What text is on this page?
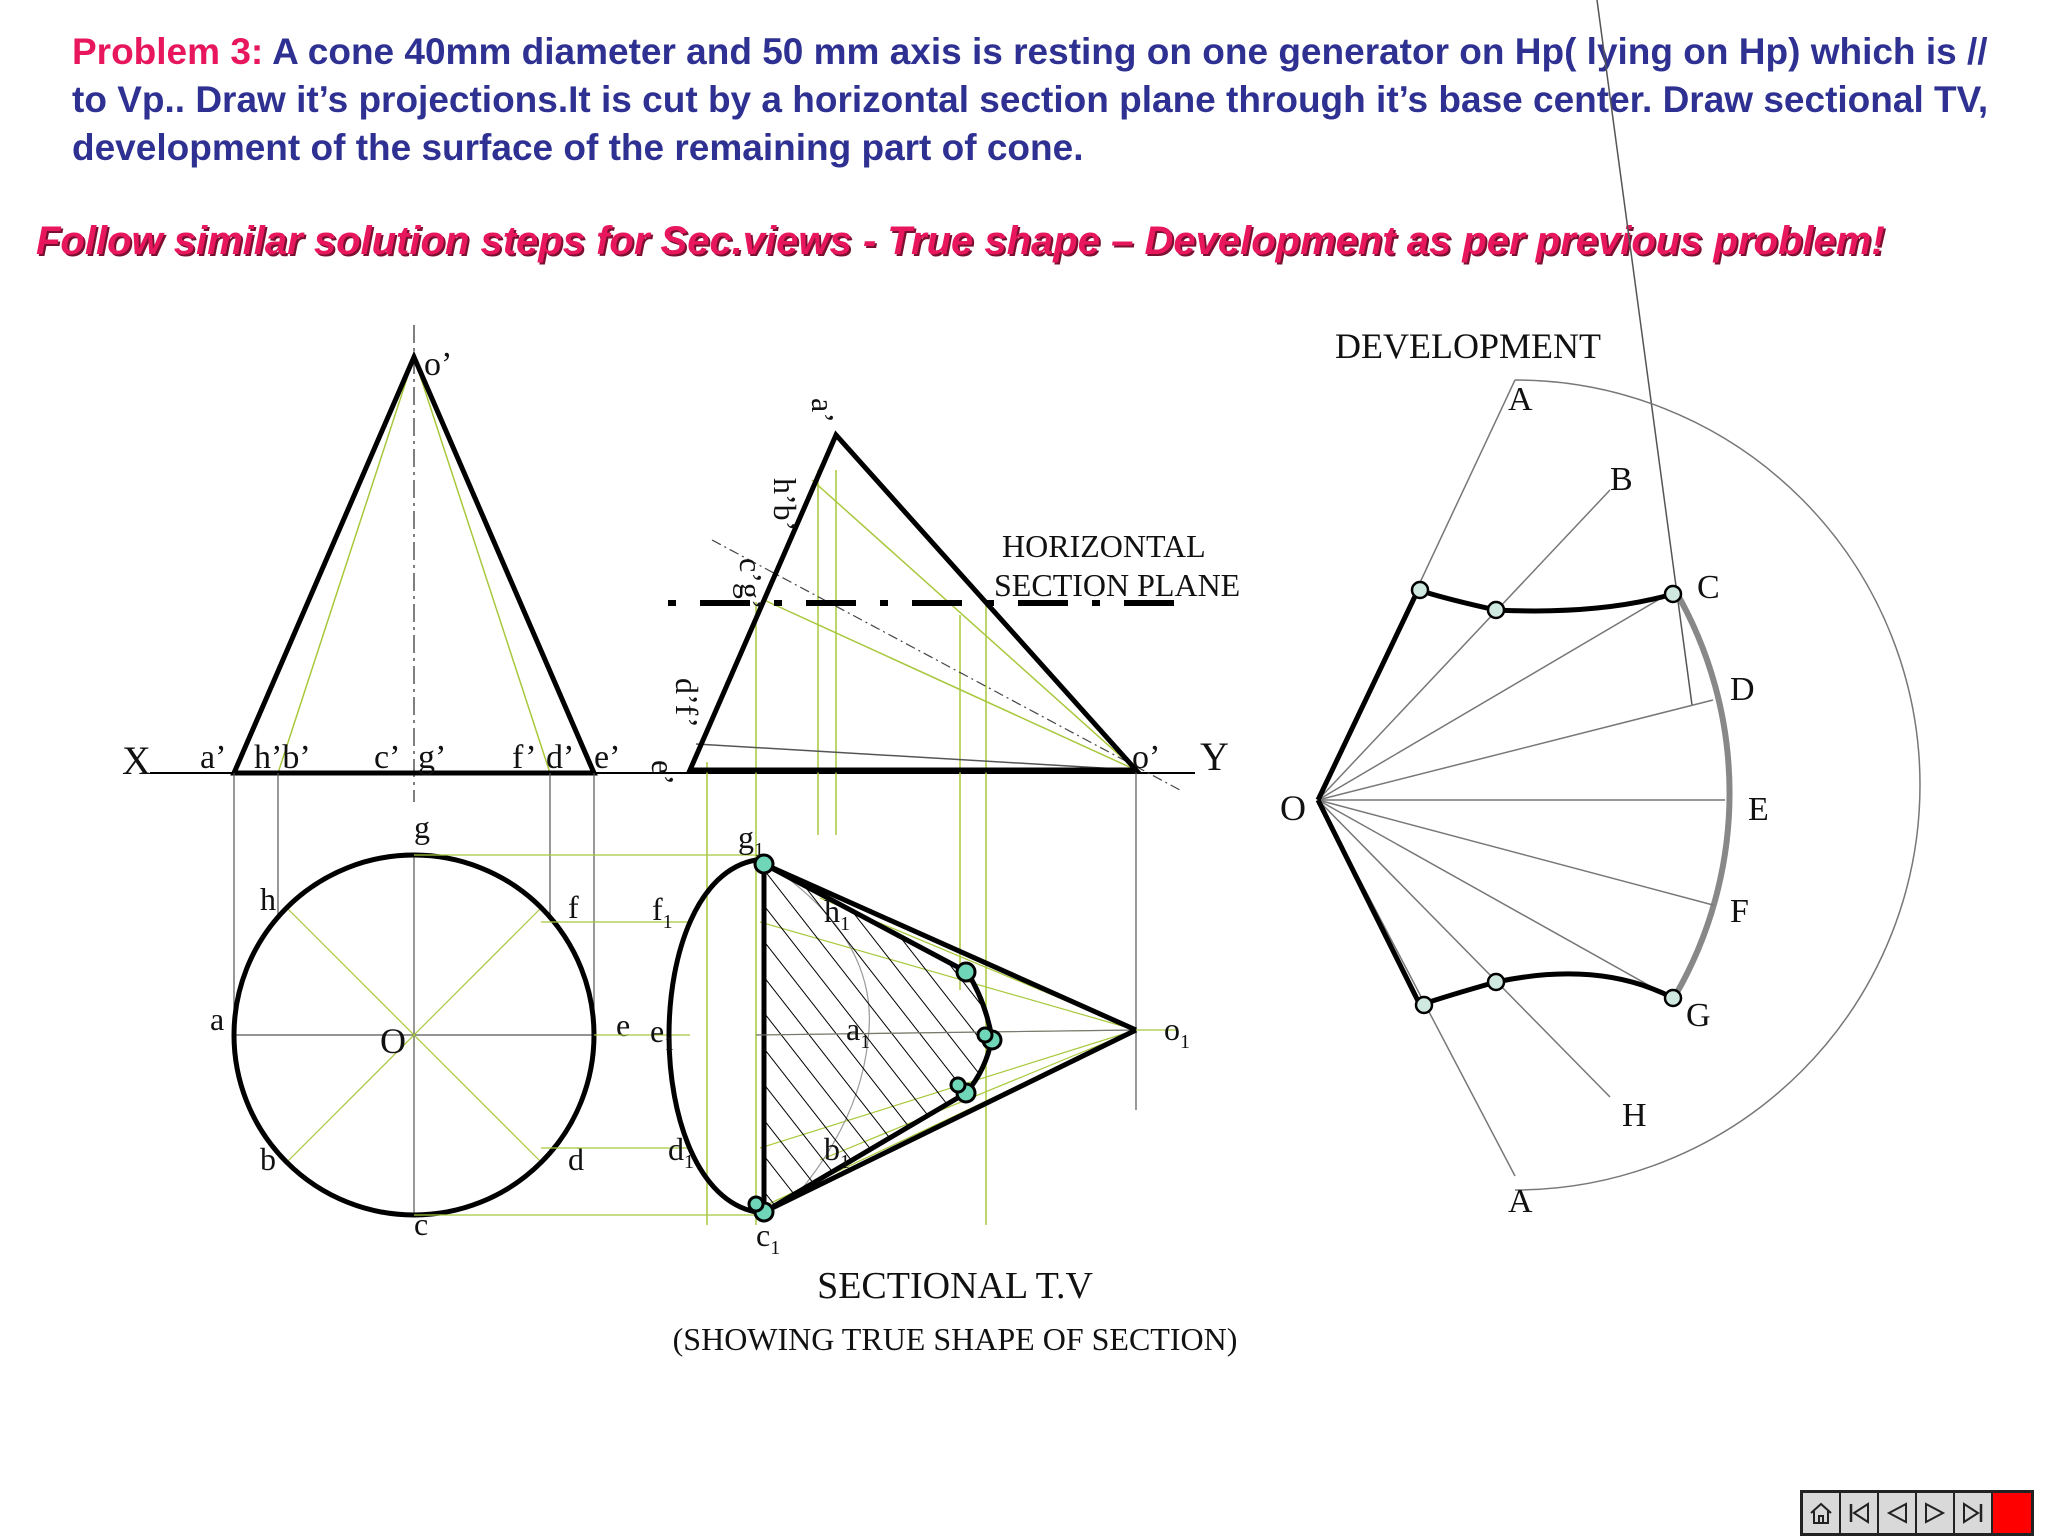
Problem 3: A cone 40mm diameter and 50 mm axis is resting on one generator on Hp( lying on Hp) which is // to Vp.. Draw it’s projections.It is cut by a horizontal section plane through it’s base center. Draw sectional TV, development of the surface of the remaining part of cone.

Follow similar solution steps for Sec.views - True shape – Development as per previous problem!

X	Y
o’
a’ h’b’ c’ g’ f’ d’ e’
O
a
b
c
d
e
f
g
h
a’
h’b’
c’g’
d’f’
e’	o’
HORIZONTAL
SECTION PLANE
$o_1$
$g_1$
$h_1$
$f_1$
$e_1$	$a_1$
$d_1$	$b_1$
$c_1$
SECTIONAL T.V
(SHOWING TRUE SHAPE OF SECTION)
DEVELOPMENT
O
A
B
C
D
E
F
G
H
A
